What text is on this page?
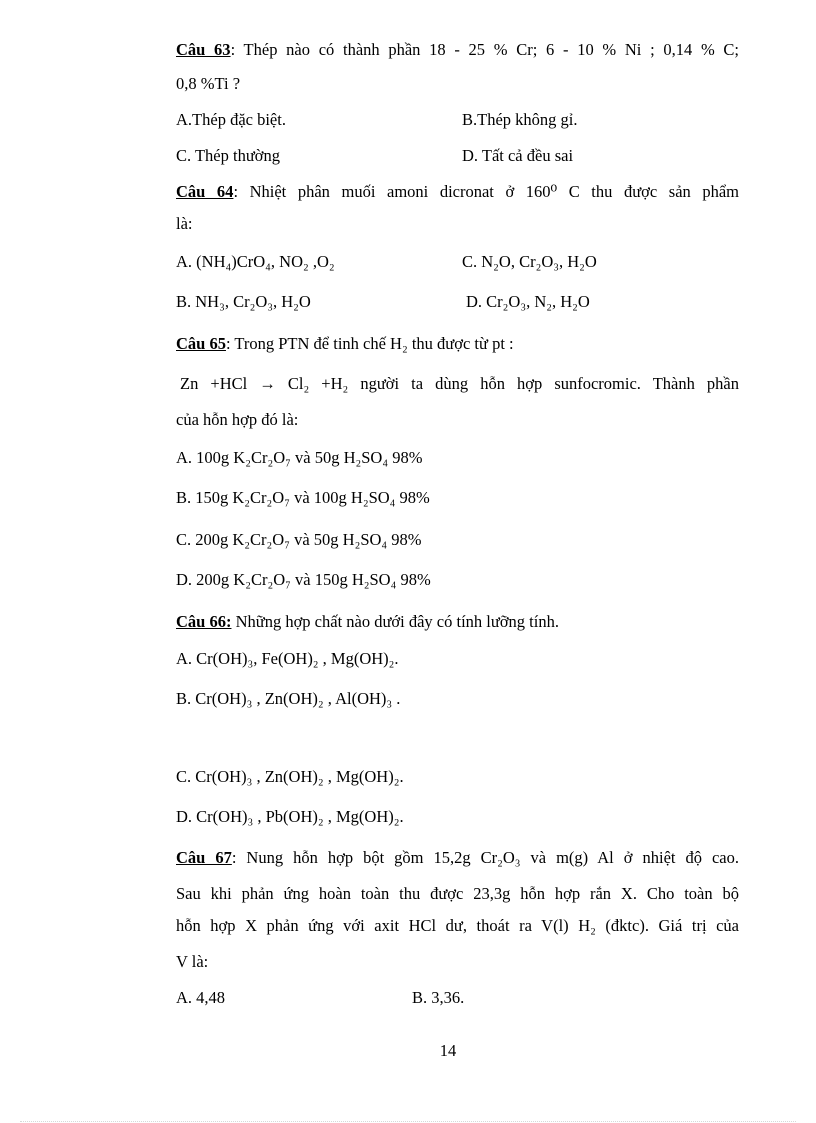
Câu 63: Thép nào có thành phần 18 - 25 % Cr; 6 - 10 % Ni ; 0,14 % C;
0,8 %Ti ?
A.Thép đặc biệt.	B.Thép không gỉ.
C. Thép thường	D. Tất cả đều sai
Câu 64: Nhiệt phân muối amoni dicronat ở 160⁰ C thu được sản phẩm
là:
A. (NH₄)CrO₄, NO₂ ,O₂	C. N₂O, Cr₂O₃, H₂O
B. NH₃, Cr₂O₃, H₂O	D. Cr₂O₃, N₂, H₂O
Câu 65: Trong PTN để tinh chế H₂ thu được từ pt :
Zn +HCl → Cl₂ +H₂ người ta dùng hỗn hợp sunfocromic. Thành phần
của hỗn hợp đó là:
A. 100g K₂Cr₂O₇ và 50g H₂SO₄ 98%
B. 150g K₂Cr₂O₇ và 100g H₂SO₄ 98%
C. 200g K₂Cr₂O₇ và 50g H₂SO₄ 98%
D. 200g K₂Cr₂O₇ và 150g H₂SO₄ 98%
Câu 66: Những hợp chất nào dưới đây có tính lưỡng tính.
A. Cr(OH)₃, Fe(OH)₂ , Mg(OH)₂.
B. Cr(OH)₃ , Zn(OH)₂ , Al(OH)₃ .
C. Cr(OH)₃ , Zn(OH)₂ , Mg(OH)₂.
D. Cr(OH)₃ , Pb(OH)₂ , Mg(OH)₂.
Câu 67: Nung hỗn hợp bột gồm 15,2g Cr₂O₃ và m(g) Al ở nhiệt độ cao.
Sau khi phản ứng hoàn toàn thu được 23,3g hỗn hợp rắn X. Cho toàn bộ
hỗn hợp X phản ứng với axit HCl dư, thoát ra V(l) H₂ (đktc). Giá trị của
V là:
A. 4,48	B. 3,36.
14
